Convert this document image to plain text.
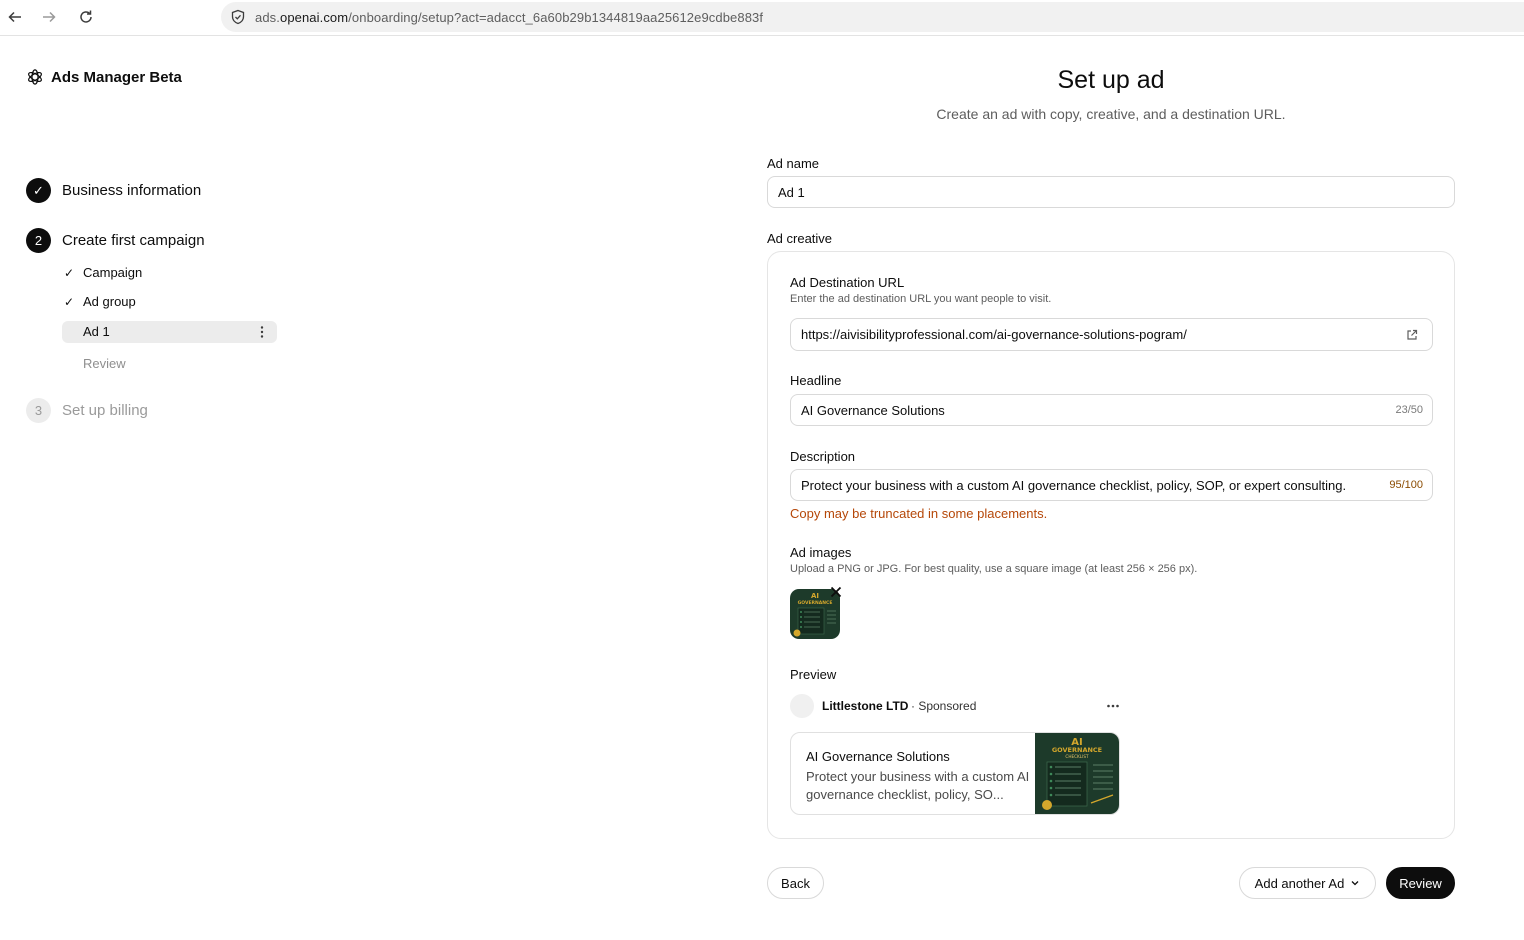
ads.openai.com/onboarding/setup?act=adacct_6a60b29b1344819aa25612e9cdbe883f
Ads Manager Beta
✓	Business information
2	Create first campaign
✓ Campaign
✓ Ad group
Ad 1
Review
3	Set up billing
Set up ad
Create an ad with copy, creative, and a destination URL.
Ad name
Ad 1
Ad creative
Ad Destination URL
Enter the ad destination URL you want people to visit.
https://aivisibilityprofessional.com/ai-governance-solutions-pogram/
Headline
AI Governance Solutions	23/50
Description
Protect your business with a custom AI governance checklist, policy, SOP, or expert consulting.	95/100
Copy may be truncated in some placements.
Ad images
Upload a PNG or JPG. For best quality, use a square image (at least 256 × 256 px).
AI
GOVERNANCE
Preview
Littlestone LTD · Sponsored
AI Governance Solutions
Protect your business with a custom AI governance checklist, policy, SO...
AI
GOVERNANCE
CHECKLIST
Back	Add another Ad	Review
